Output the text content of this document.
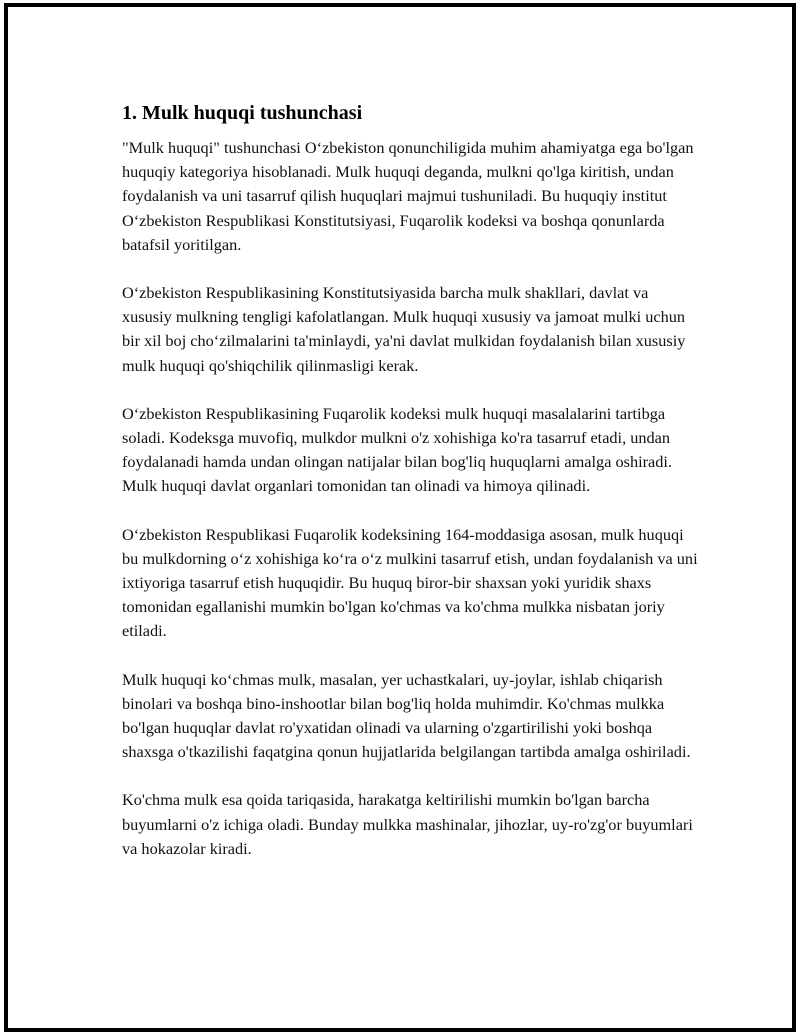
1. Mulk huquqi tushunchasi

"Mulk huquqi" tushunchasi O‘zbekiston qonunchiligida muhim ahamiyatga ega bo'lgan huquqiy kategoriya hisoblanadi. Mulk huquqi deganda, mulkni qo'lga kiritish, undan foydalanish va uni tasarruf qilish huquqlari majmui tushuniladi. Bu huquqiy institut O‘zbekiston Respublikasi Konstitutsiyasi, Fuqarolik kodeksi va boshqa qonunlarda batafsil yoritilgan.

O‘zbekiston Respublikasining Konstitutsiyasida barcha mulk shakllari, davlat va xususiy mulkning tengligi kafolatlangan. Mulk huquqi xususiy va jamoat mulki uchun bir xil boj cho‘zilmalarini ta'minlaydi, ya'ni davlat mulkidan foydalanish bilan xususiy mulk huquqi qo'shiqchilik qilinmasligi kerak.

O‘zbekiston Respublikasining Fuqarolik kodeksi mulk huquqi masalalarini tartibga soladi. Kodeksga muvofiq, mulkdor mulkni o'z xohishiga ko'ra tasarruf etadi, undan foydalanadi hamda undan olingan natijalar bilan bog'liq huquqlarni amalga oshiradi. Mulk huquqi davlat organlari tomonidan tan olinadi va himoya qilinadi.

O‘zbekiston Respublikasi Fuqarolik kodeksining 164-moddasiga asosan, mulk huquqi bu mulkdorning o‘z xohishiga ko‘ra o‘z mulkini tasarruf etish, undan foydalanish va uni ixtiyoriga tasarruf etish huquqidir. Bu huquq biror-bir shaxsan yoki yuridik shaxs tomonidan egallanishi mumkin bo'lgan ko'chmas va ko'chma mulkka nisbatan joriy etiladi.

Mulk huquqi ko‘chmas mulk, masalan, yer uchastkalari, uy-joylar, ishlab chiqarish binolari va boshqa bino-inshootlar bilan bog'liq holda muhimdir. Ko'chmas mulkka bo'lgan huquqlar davlat ro'yxatidan olinadi va ularning o'zgartirilishi yoki boshqa shaxsga o'tkazilishi faqatgina qonun hujjatlarida belgilangan tartibda amalga oshiriladi.

Ko'chma mulk esa qoida tariqasida, harakatga keltirilishi mumkin bo'lgan barcha buyumlarni o'z ichiga oladi. Bunday mulkka mashinalar, jihozlar, uy-ro'zg'or buyumlari va hokazolar kiradi.
